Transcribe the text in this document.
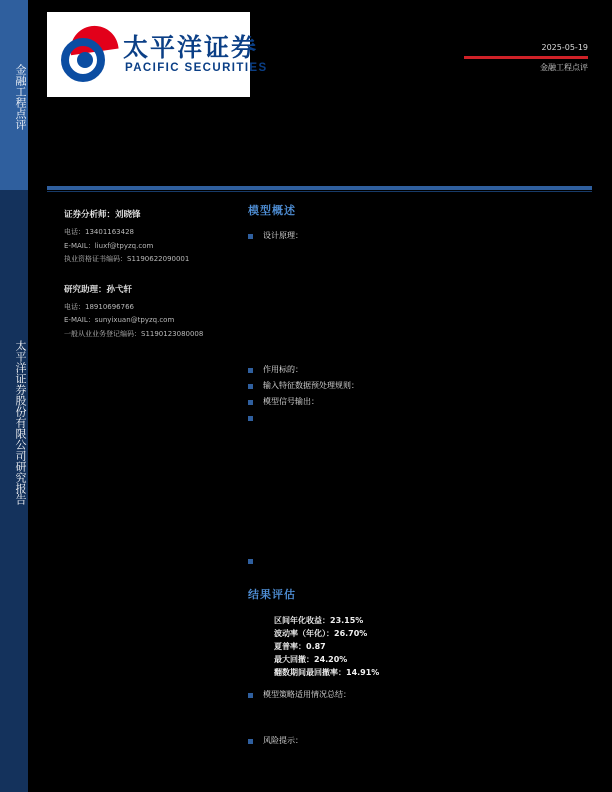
金融工程点评
太平洋证券股份有限公司研究报告
太平洋证券
PACIFIC SECURITIES
2025-05-19
金融工程点评
证券分析师：刘晓锋
电话：13401163428
E-MAIL：liuxf@tpyzq.com
执业资格证书编码：S1190622090001
研究助理：孙弋轩
电话：18910696766
E-MAIL：sunyixuan@tpyzq.com
一般从业业务登记编码：S1190123080008
模型概述
设计原理：
作用标的：
输入特征数据预处理规则：
模型信号输出：
结果评估
区间年化收益：23.15%
波动率（年化）：26.70%
夏普率：0.87
最大回撤：24.20%
翻数期间最回撤率：14.91%
模型策略适用情况总结：
风险提示：
